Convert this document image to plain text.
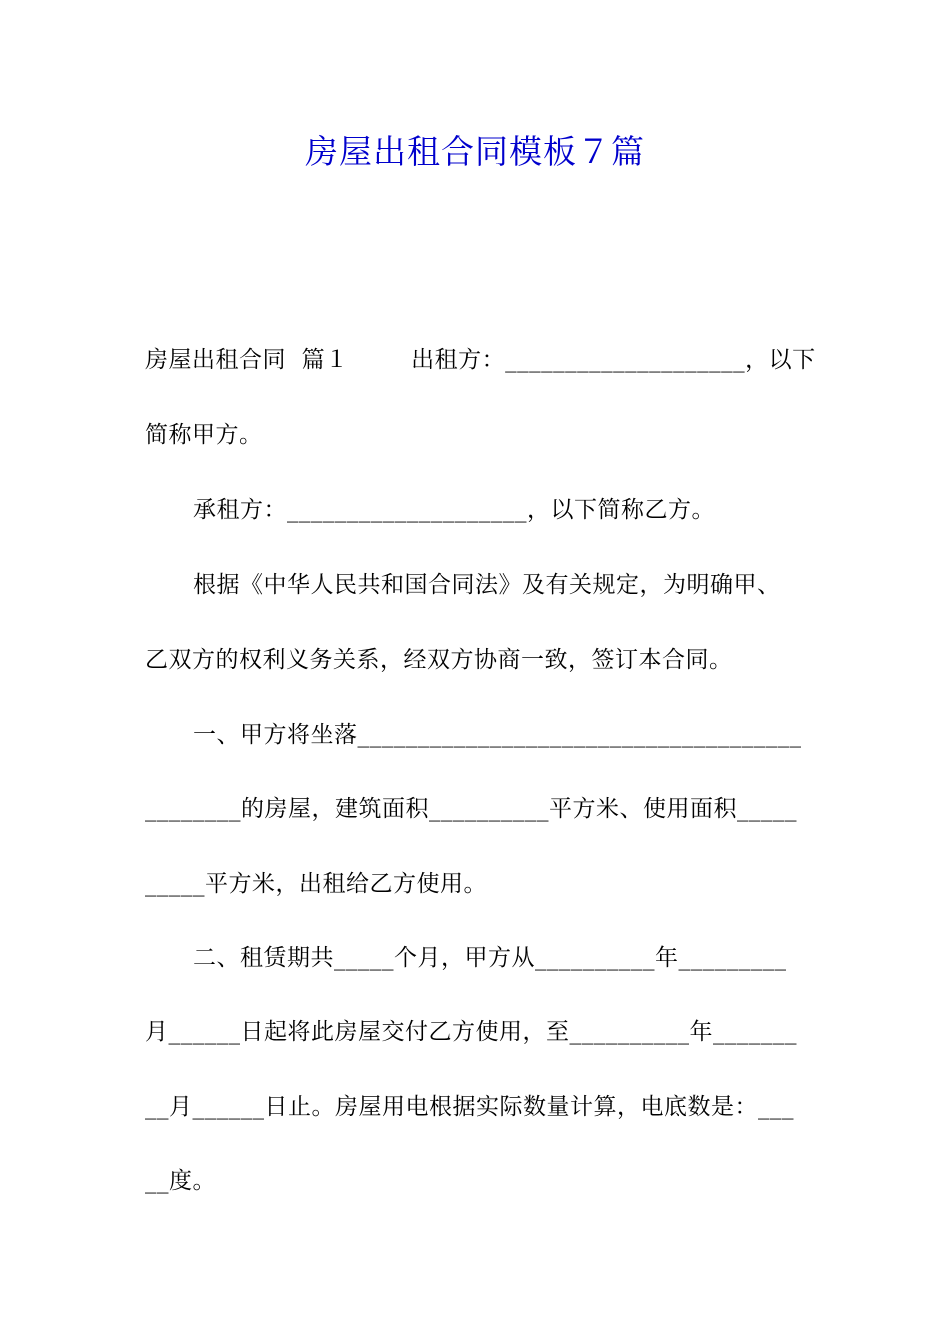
房屋出租合同模板７篇
房屋出租合同  篇１        出租方：____________________，以下
简称甲方。
承租方：____________________，以下简称乙方。
根据《中华人民共和国合同法》及有关规定，为明确甲、
乙双方的权利义务关系，经双方协商一致，签订本合同。
一、甲方将坐落_____________________________________
________的房屋，建筑面积__________平方米、使用面积_____
_____平方米，出租给乙方使用。
二、租赁期共_____个月，甲方从__________年_________
月______日起将此房屋交付乙方使用，至__________年_______
__月______日止。房屋用电根据实际数量计算，电底数是：___
__度。
